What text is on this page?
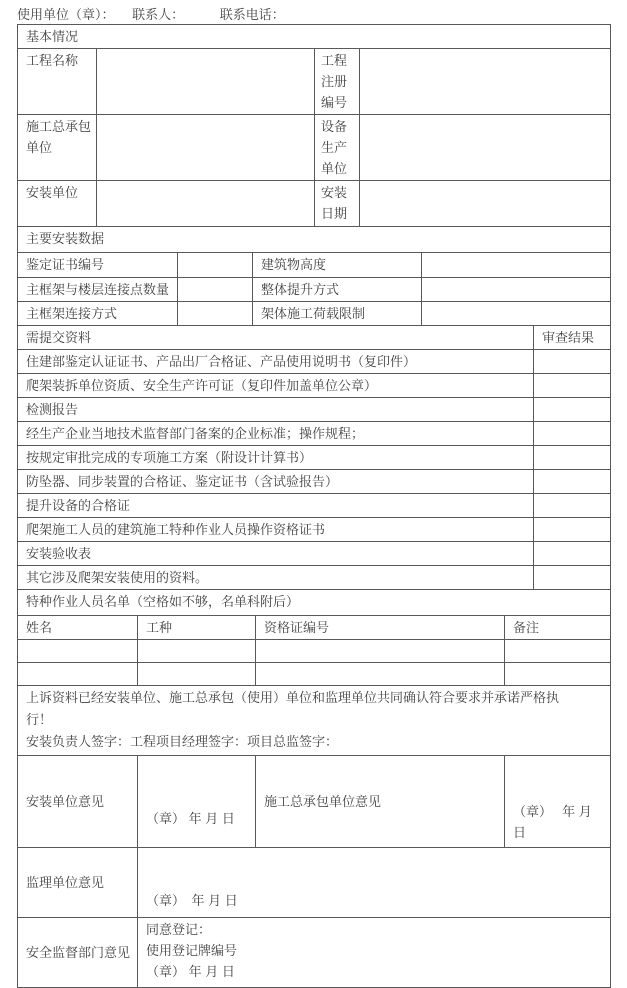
使用单位（章）： 联系人：	联系电话：
基本情况			
工程名称		工程注册编号	
施工总承包单位		设备生产单位	
安装单位		安装日期	
主要安装数据			
鉴定证书编号		建筑物高度	
主框架与楼层连接点数量		整体提升方式	
主框架连接方式		架体施工荷载限制	
需提交资料	审查结果
住建部鉴定认证证书、产品出厂合格证、产品使用说明书（复印件）	
爬架装拆单位资质、安全生产许可证（复印件加盖单位公章）	
检测报告	
经生产企业当地技术监督部门备案的企业标准；操作规程；	
按规定审批完成的专项施工方案（附设计计算书）	
防坠器、同步装置的合格证、鉴定证书（含试验报告）	
提升设备的合格证	
爬架施工人员的建筑施工特种作业人员操作资格证书	
安装验收表	
其它涉及爬架安装使用的资料。	
特种作业人员名单（空格如不够，名单科附后）			
姓名	工种	资格证编号	备注

上诉资料已经安装单位、施工总承包（使用）单位和监理单位共同确认符合要求并承诺严格执
行！
安装负责人签字：工程项目经理签字：项目总监签字：			

安装单位意见	（章） 年 月 日	施工总承包单位意见	（章）　 年 月 日
监理单位意见	（章）　年 月 日
安全监督部门意见	同意登记：
使用登记牌编号
（章） 年 月 日
